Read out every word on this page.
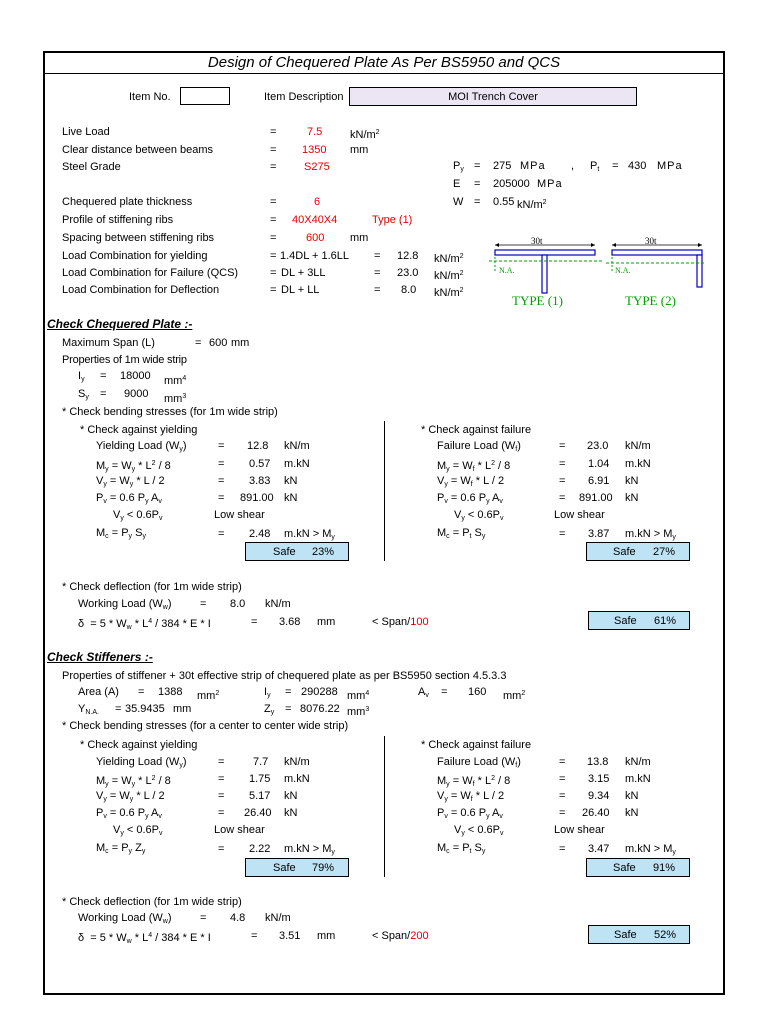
Design of Chequered Plate As Per BS5950 and QCS
Item No.	Item Description	MOI Trench Cover
Live Load	=	7.5	$kN/m^2$
Clear distance between beams	= 1350 mm
Steel Grade	=	S275
Chequered plate thickness	=	6
Profile of stiffening ribs	= 40X40X4	Type (1)
Spacing between stiffening ribs	=	600 mm
Load Combination for yielding	= 1.4DL + 1.6LL = 12.8 $kN/m^2$
Load Combination for Failure (QCS)	= DL + 3LL	= 23.0 $kN/m^2$
Load Combination for Deflection	= DL + LL	= 8.0 $kN/m^2$
$P_y = 275$ MPa , $P_t = 430$ MPa
E = 205000 MPa
W = 0.55 $kN/m^2$
30t
N.A.
TYPE (1)
30t
N.A.
TYPE (2)
Check Chequered Plate :-
Maximum Span (L)	= 600 mm
Properties of 1m wide strip
$I_y = 18000$ $mm^4$
$S_y = 9000$ $mm^3$
* Check bending stresses (for 1m wide strip)
* Check against yielding
Yielding Load $(W_y)$	= 12.8 kN/m
$M_y = W_y * L^2 / 8$	= 0.57 m.kN
$V_y = W_y * L / 2$	= 3.83 kN
$P_v = 0.6$ $P_y$ $A_v$	= 891.00 kN
$V_y < 0.6P_v$	Low shear
$M_c = P_y$ $S_y$	= 2.48 $m.kN > M_y$
Safe 23%
* Check against failure
Failure Load $(W_f)$	= 23.0 kN/m
$M_y = W_f * L^2 / 8$	= 1.04 m.kN
$V_y = W_f * L / 2$	= 6.91 kN
$P_v = 0.6$ $P_y$ $A_v$	= 891.00 kN
$V_y < 0.6P_v$	Low shear
$M_c = P_t$ $S_y$	= 3.87 $m.kN > M_y$
Safe 27%
* Check deflection (for 1m wide strip)
Working Load $(W_w)$	= 8.0 kN/m
$\delta = 5 * W_w * L^4 / 384 * E * I$	= 3.68 mm	< Span/100	Safe 61%
Check Stiffeners :-
Properties of stiffener + 30t effective strip of chequered plate as per BS5950 section 4.5.3.3
Area (A) = 1388 $mm^2$	$I_y = 290288$ $mm^4$	$A_v = 160$ $mm^2$
$Y_{N.A.} = 35.9435$ mm	$Z_y = 8076.22$ $mm^3$
* Check bending stresses (for a center to center wide strip)
* Check against yielding
Yielding Load $(W_y)$	=	7.7 kN/m
$M_y = W_y * L^2 / 8$	= 1.75 m.kN
$V_y = W_y * L / 2$	= 5.17 kN
$P_v = 0.6$ $P_y$ $A_v$	= 26.40 kN
$V_y < 0.6P_v$	Low shear
$M_c = P_y$ $Z_y$	= 2.22 $m.kN > M_y$
Safe 79%
* Check against failure
Failure Load $(W_f)$	= 13.8 kN/m
$M_y = W_f * L^2 / 8$	= 3.15 m.kN
$V_y = W_f * L / 2$	= 9.34 kN
$P_v = 0.6$ $P_y$ $A_v$	= 26.40 kN
$V_y < 0.6P_v$	Low shear
$M_c = P_t$ $S_y$	= 3.47 $m.kN > M_y$
Safe 91%
* Check deflection (for 1m wide strip)
Working Load $(W_w)$	= 4.8 kN/m
$\delta = 5 * W_w * L^4 / 384 * E * I$	= 3.51 mm	< Span/200	Safe 52%
